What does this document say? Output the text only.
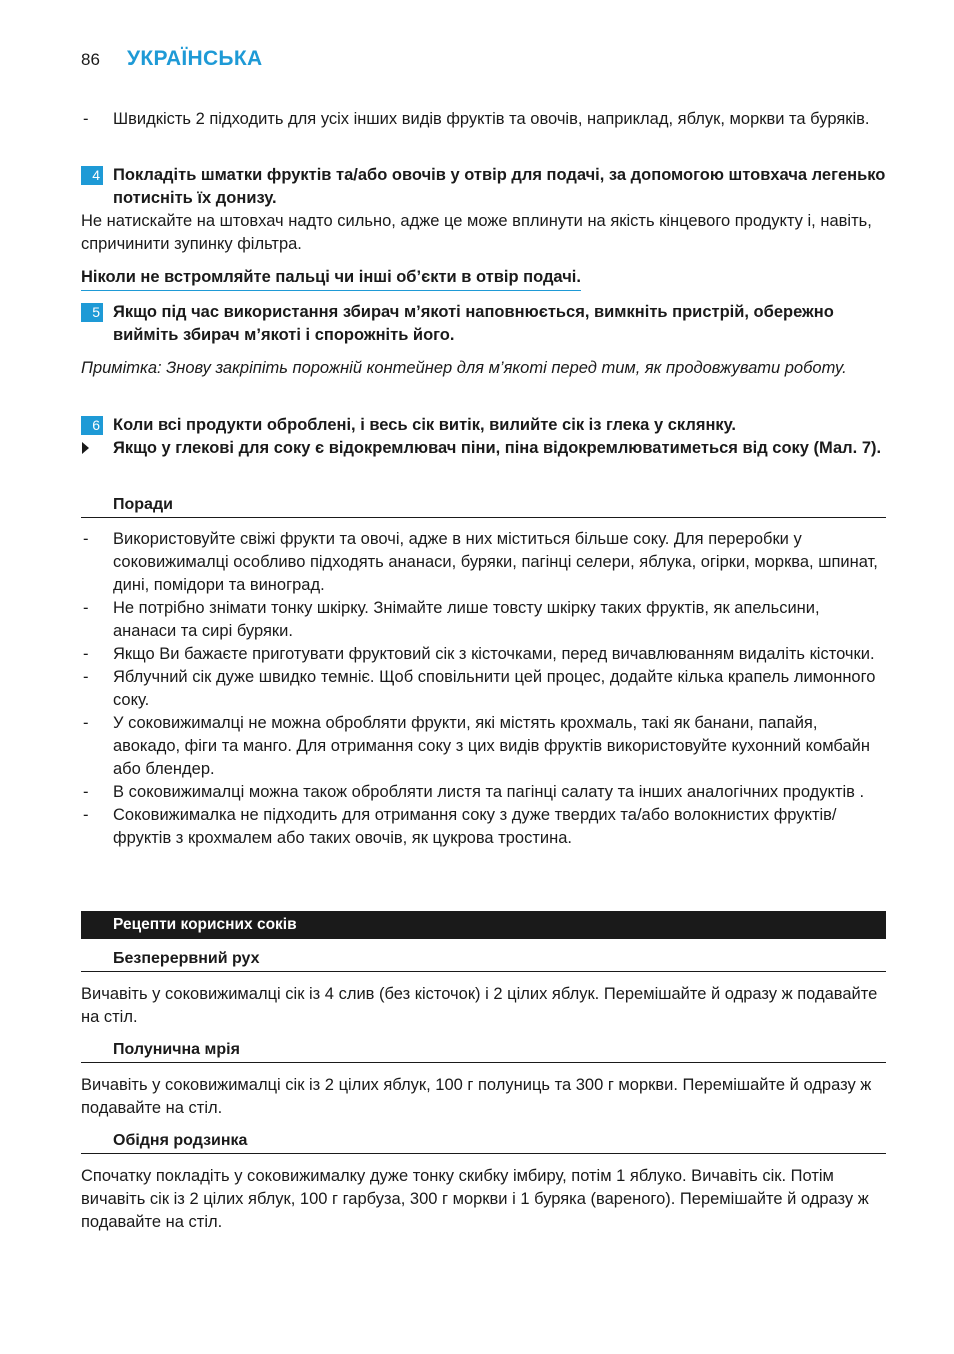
86	УКРАЇНСЬКА
- Швидкість 2 підходить для усіх інших видів фруктів та овочів, наприклад, яблук, моркви та буряків.
4 Покладіть шматки фруктів та/або овочів у отвір для подачі, за допомогою штовхача легенько потисніть їх донизу.

Не натискайте на штовхач надто сильно, адже це може вплинути на якість кінцевого продукту і, навіть, спричинити зупинку фільтра.

Ніколи не встромляйте пальці чи інші об’єкти в отвір подачі.
5 Якщо під час використання збирач м’якоті наповнюється, вимкніть пристрій, обережно вийміть збирач м’якоті і спорожніть його.

Примітка: Знову закріпіть порожній контейнер для м’якоті перед тим, як продовжувати роботу.

6 Коли всі продукти оброблені, і весь сік витік, вилийте сік із глека у склянку.
Якщо у глекові для соку є відокремлювач піни, піна відокремлюватиметься від соку (Мал. 7).
Поради
- Використовуйте свіжі фрукти та овочі, адже в них міститься більше соку. Для переробки у соковижималці особливо підходять ананаси, буряки, пагінці селери, яблука, огірки, морква, шпинат, дині, помідори та виноград.
- Не потрібно знімати тонку шкірку. Знімайте лише товсту шкірку таких фруктів, як апельсини, ананаси та сирі буряки.
- Якщо Ви бажаєте приготувати фруктовий сік з кісточками, перед вичавлюванням видаліть кісточки.
- Яблучний сік дуже швидко темніє. Щоб сповільнити цей процес, додайте кілька крапель лимонного соку.
- У соковижималці не можна обробляти фрукти, які містять крохмаль, такі як банани, папайя, авокадо, фіги та манго. Для отримання соку з цих видів фруктів використовуйте кухонний комбайн або блендер.
- В соковижималці можна також обробляти листя та пагінці салату та інших аналогічних продуктів .
- Соковижималка не підходить для отримання соку з дуже твердих та/або волокнистих фруктів/фруктів з крохмалем або таких овочів, як цукрова тростина.
Рецепти корисних соків
Безперервний рух

Вичавіть у соковижималці сік із 4 слив (без кісточок) і 2 цілих яблук. Перемішайте й одразу ж подавайте на стіл.

Полунична мрія

Вичавіть у соковижималці сік із 2 цілих яблук, 100 г полуниць та 300 г моркви. Перемішайте й одразу ж подавайте на стіл.

Обідня родзинка

Спочатку покладіть у соковижималку дуже тонку скибку імбиру, потім 1 яблуко. Вичавіть сік. Потім вичавіть сік із 2 цілих яблук, 100 г гарбуза, 300 г моркви і 1 буряка (вареного). Перемішайте й одразу ж подавайте на стіл.
